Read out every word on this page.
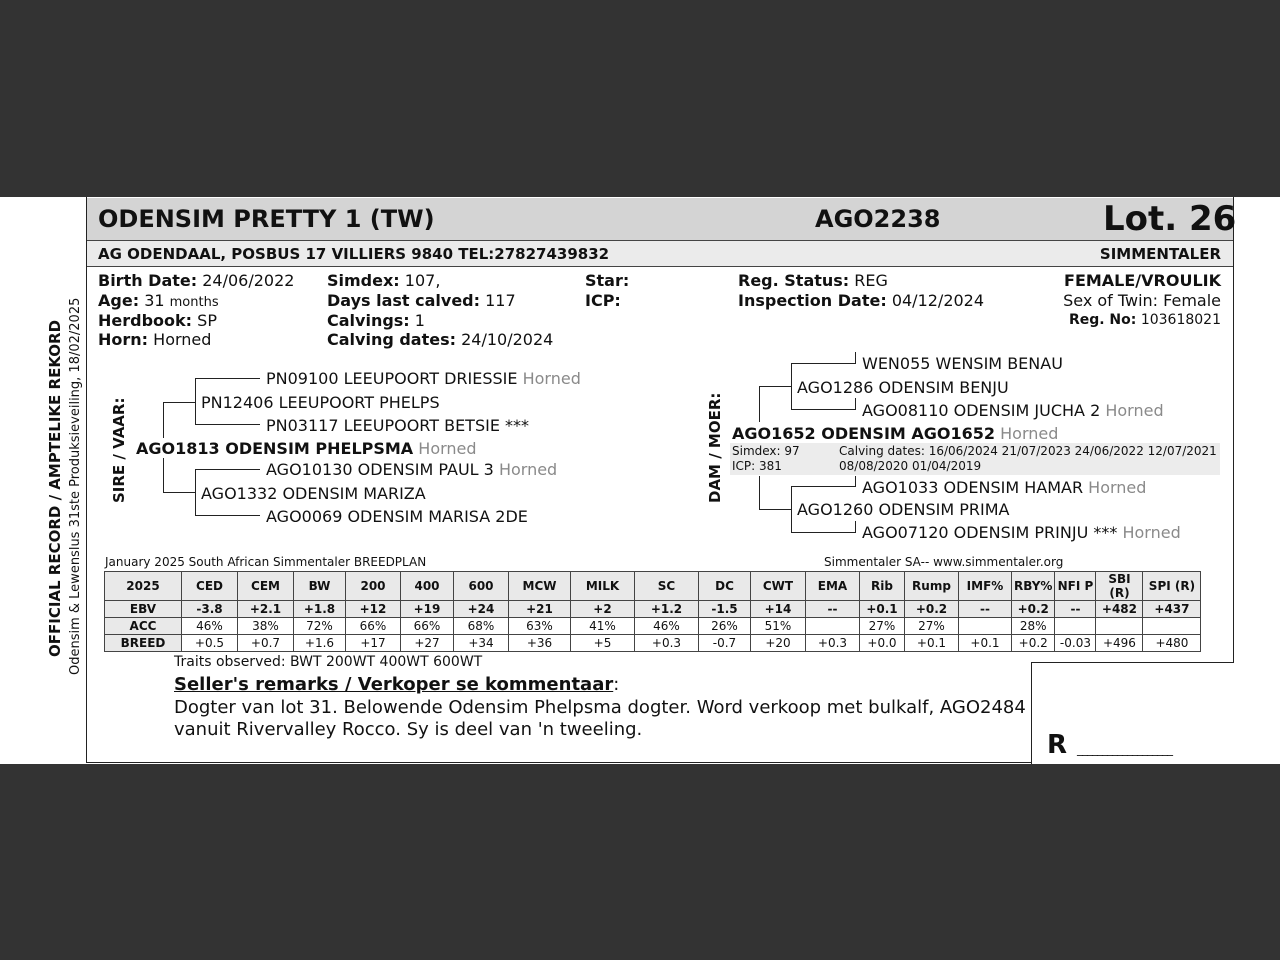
ODENSIM PRETTY 1 (TW)	AGO2238	Lot. 26
AG ODENDAAL, POSBUS 17 VILLIERS 9840 TEL:27827439832	SIMMENTALER
OFFICIAL RECORD / AMPTELIKE REKORD Odensim & Lewenslus 31ste Produksieveiling, 18/02/2025
Birth Date: 24/06/2022
Age: 31 months
Herdbook: SP
Horn: Horned
Simdex: 107,
Days last calved: 117
Calvings: 1
Calving dates: 24/10/2024
Star:
ICP:
Reg. Status: REG
Inspection Date: 04/12/2024
FEMALE/VROULIK
Sex of Twin: Female
Reg. No: 103618021
SIRE / VAAR:
PN09100 LEEUPOORT DRIESSIE Horned
PN12406 LEEUPOORT PHELPS
PN03117 LEEUPOORT BETSIE ***
AGO1813 ODENSIM PHELPSMA Horned
AGO10130 ODENSIM PAUL 3 Horned
AGO1332 ODENSIM MARIZA
AGO0069 ODENSIM MARISA 2DE
DAM / MOER:
WEN055 WENSIM BENAU
AGO1286 ODENSIM BENJU
AGO08110 ODENSIM JUCHA 2 Horned
AGO1652 ODENSIM AGO1652 Horned
Simdex: 97
ICP: 381
Calving dates: 16/06/2024 21/07/2023 24/06/2022 12/07/2021
08/08/2020 01/04/2019
AGO1033 ODENSIM HAMAR Horned
AGO1260 ODENSIM PRIMA
AGO07120 ODENSIM PRINJU *** Horned
January 2025 South African Simmentaler BREEDPLAN	Simmentaler SA-- www.simmentaler.org
2025	CED	CEM	BW	200	400	600	MCW	MILK	SC	DC	CWT	EMA	Rib	Rump	IMF%	RBY%	NFI P	SBI (R)	SPI (R)
EBV	-3.8	+2.1	+1.8	+12	+19	+24	+21	+2	+1.2	-1.5	+14	--	+0.1	+0.2	--	+0.2	--	+482	+437
ACC	46%	38%	72%	66%	66%	68%	63%	41%	46%	26%	51%		27%	27%		28%			
BREED	+0.5	+0.7	+1.6	+17	+27	+34	+36	+5	+0.3	-0.7	+20	+0.3	+0.0	+0.1	+0.1	+0.2	-0.03	+496	+480
Traits observed: BWT 200WT 400WT 600WT
Seller's remarks / Verkoper se kommentaar:
Dogter van lot 31. Belowende Odensim Phelpsma dogter. Word verkoop met bulkalf, AGO2484
vanuit Rivervalley Rocco. Sy is deel van 'n tweeling.
R ___________________
